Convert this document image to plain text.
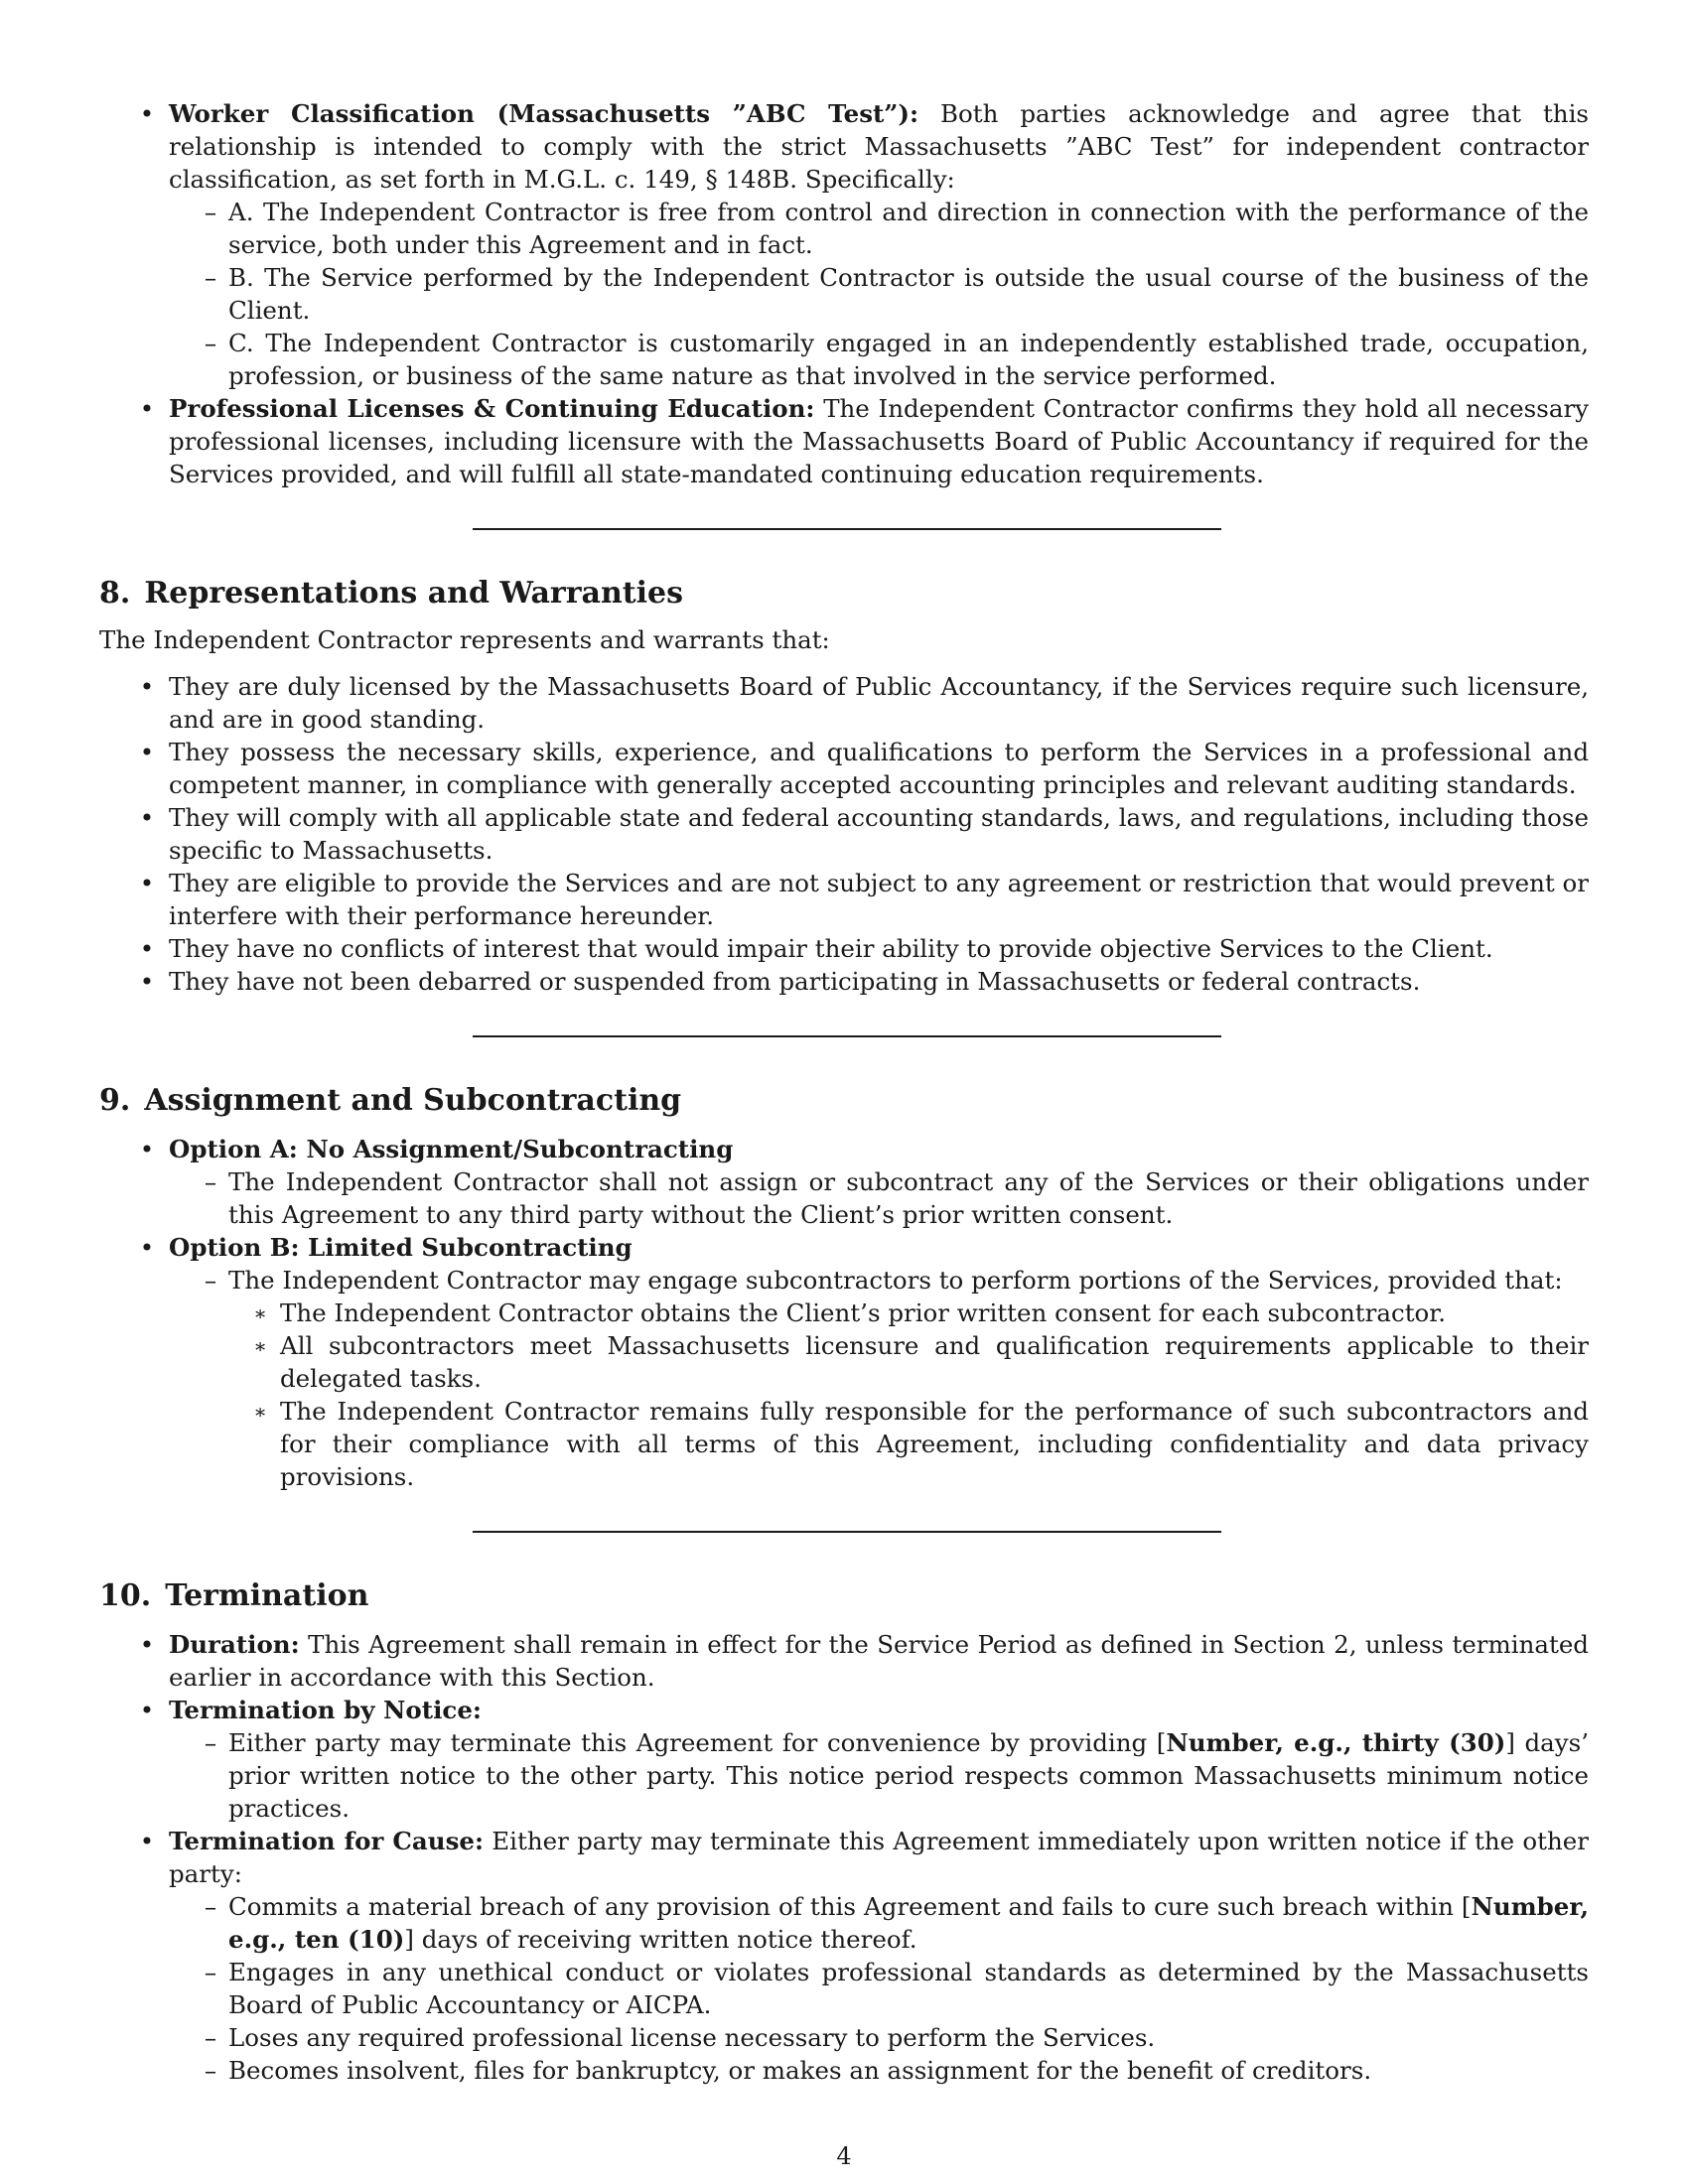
• Worker Classification (Massachusetts ”ABC Test”): Both parties acknowledge and agree that this relationship is intended to comply with the strict Massachusetts ”ABC Test” for independent contractor classification, as set forth in M.G.L. c. 149, § 148B. Specifically:
– A. The Independent Contractor is free from control and direction in connection with the performance of the service, both under this Agreement and in fact.
– B. The Service performed by the Independent Contractor is outside the usual course of the business of the Client.
– C. The Independent Contractor is customarily engaged in an independently established trade, occupation, profession, or business of the same nature as that involved in the service performed.
• Professional Licenses & Continuing Education: The Independent Contractor confirms they hold all necessary professional licenses, including licensure with the Massachusetts Board of Public Accountancy if required for the Services provided, and will fulfill all state-mandated continuing education requirements.
8. Representations and Warranties

The Independent Contractor represents and warrants that:

• They are duly licensed by the Massachusetts Board of Public Accountancy, if the Services require such licensure, and are in good standing.
• They possess the necessary skills, experience, and qualifications to perform the Services in a professional and competent manner, in compliance with generally accepted accounting principles and relevant auditing standards.
• They will comply with all applicable state and federal accounting standards, laws, and regulations, including those specific to Massachusetts.
• They are eligible to provide the Services and are not subject to any agreement or restriction that would prevent or interfere with their performance hereunder.
• They have no conflicts of interest that would impair their ability to provide objective Services to the Client.
• They have not been debarred or suspended from participating in Massachusetts or federal contracts.
9. Assignment and Subcontracting
• Option A: No Assignment/Subcontracting
– The Independent Contractor shall not assign or subcontract any of the Services or their obligations under this Agreement to any third party without the Client’s prior written consent.
• Option B: Limited Subcontracting
– The Independent Contractor may engage subcontractors to perform portions of the Services, provided that:
∗ The Independent Contractor obtains the Client’s prior written consent for each subcontractor.
∗ All subcontractors meet Massachusetts licensure and qualification requirements applicable to their delegated tasks.
∗ The Independent Contractor remains fully responsible for the performance of such subcontractors and for their compliance with all terms of this Agreement, including confidentiality and data privacy provisions.
10. Termination
• Duration: This Agreement shall remain in effect for the Service Period as defined in Section 2, unless terminated earlier in accordance with this Section.
• Termination by Notice:
– Either party may terminate this Agreement for convenience by providing [Number, e.g., thirty (30)] days’ prior written notice to the other party. This notice period respects common Massachusetts minimum notice practices.
• Termination for Cause: Either party may terminate this Agreement immediately upon written notice if the other party:
– Commits a material breach of any provision of this Agreement and fails to cure such breach within [Number, e.g., ten (10)] days of receiving written notice thereof.
– Engages in any unethical conduct or violates professional standards as determined by the Massachusetts Board of Public Accountancy or AICPA.
– Loses any required professional license necessary to perform the Services.
– Becomes insolvent, files for bankruptcy, or makes an assignment for the benefit of creditors.
4
